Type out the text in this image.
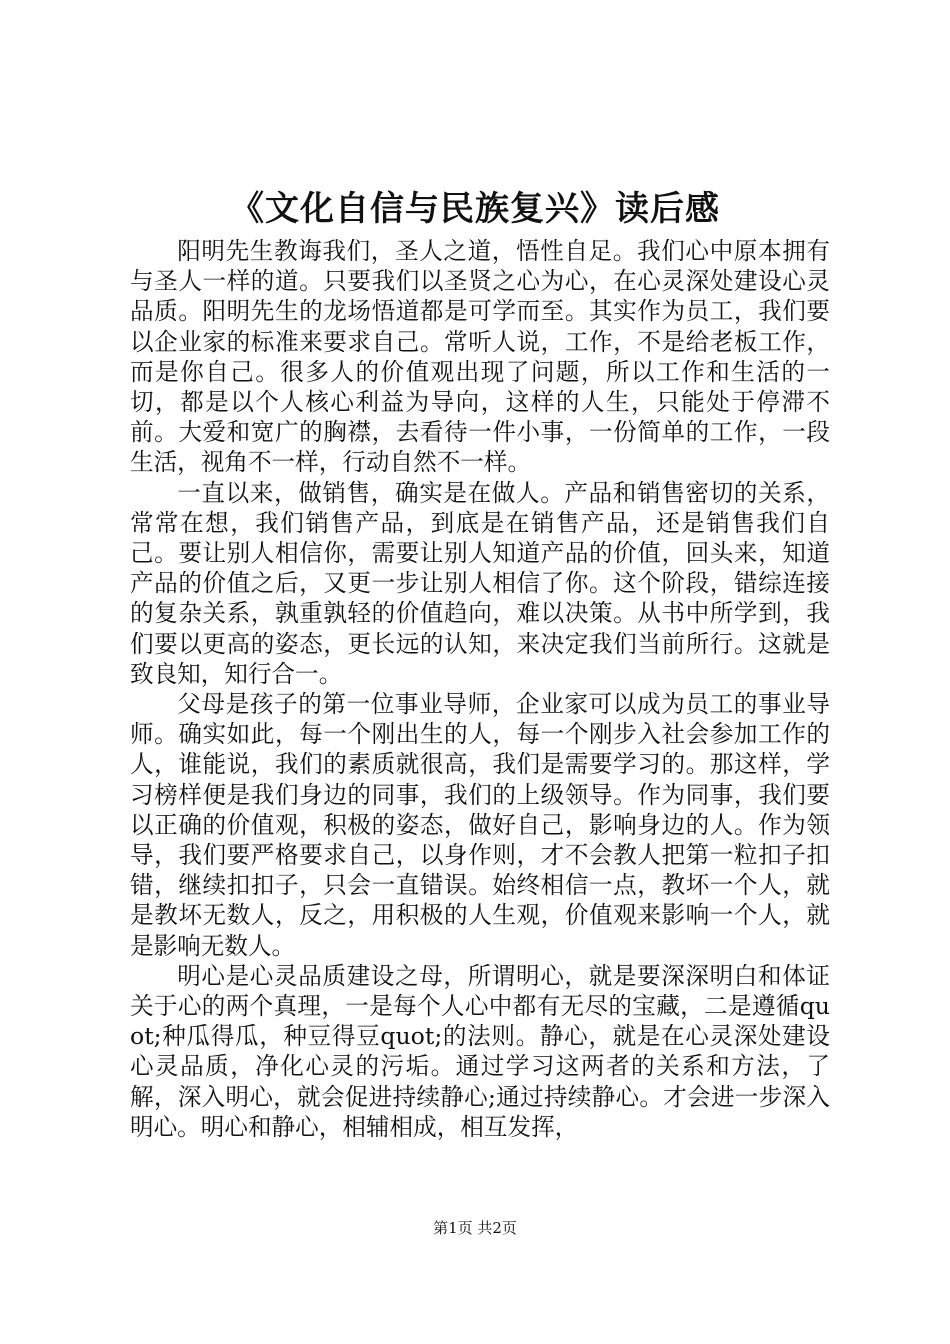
《文化自信与民族复兴》读后感

阳明先生教诲我们，圣人之道，悟性自足。我们心中原本拥有与圣人一样的道。只要我们以圣贤之心为心，在心灵深处建设心灵品质。阳明先生的龙场悟道都是可学而至。其实作为员工，我们要以企业家的标准来要求自己。常听人说，工作，不是给老板工作，而是你自己。很多人的价值观出现了问题，所以工作和生活的一切，都是以个人核心利益为导向，这样的人生，只能处于停滞不前。大爱和宽广的胸襟，去看待一件小事，一份简单的工作，一段生活，视角不一样，行动自然不一样。

一直以来，做销售，确实是在做人。产品和销售密切的关系，常常在想，我们销售产品，到底是在销售产品，还是销售我们自己。要让别人相信你，需要让别人知道产品的价值，回头来，知道产品的价值之后，又更一步让别人相信了你。这个阶段，错综连接的复杂关系，孰重孰轻的价值趋向，难以决策。从书中所学到，我们要以更高的姿态，更长远的认知，来决定我们当前所行。这就是致良知，知行合一。

父母是孩子的第一位事业导师，企业家可以成为员工的事业导师。确实如此，每一个刚出生的人，每一个刚步入社会参加工作的人，谁能说，我们的素质就很高，我们是需要学习的。那这样，学习榜样便是我们身边的同事，我们的上级领导。作为同事，我们要以正确的价值观，积极的姿态，做好自己，影响身边的人。作为领导，我们要严格要求自己，以身作则，才不会教人把第一粒扣子扣错，继续扣扣子，只会一直错误。始终相信一点，教坏一个人，就是教坏无数人，反之，用积极的人生观，价值观来影响一个人，就是影响无数人。

明心是心灵品质建设之母，所谓明心，就是要深深明白和体证关于心的两个真理，一是每个人心中都有无尽的宝藏，二是遵循quot;种瓜得瓜，种豆得豆quot;的法则。静心，就是在心灵深处建设心灵品质，净化心灵的污垢。通过学习这两者的关系和方法，了解，深入明心，就会促进持续静心;通过持续静心。才会进一步深入明心。明心和静心，相辅相成，相互发挥，

第1页 共2页
